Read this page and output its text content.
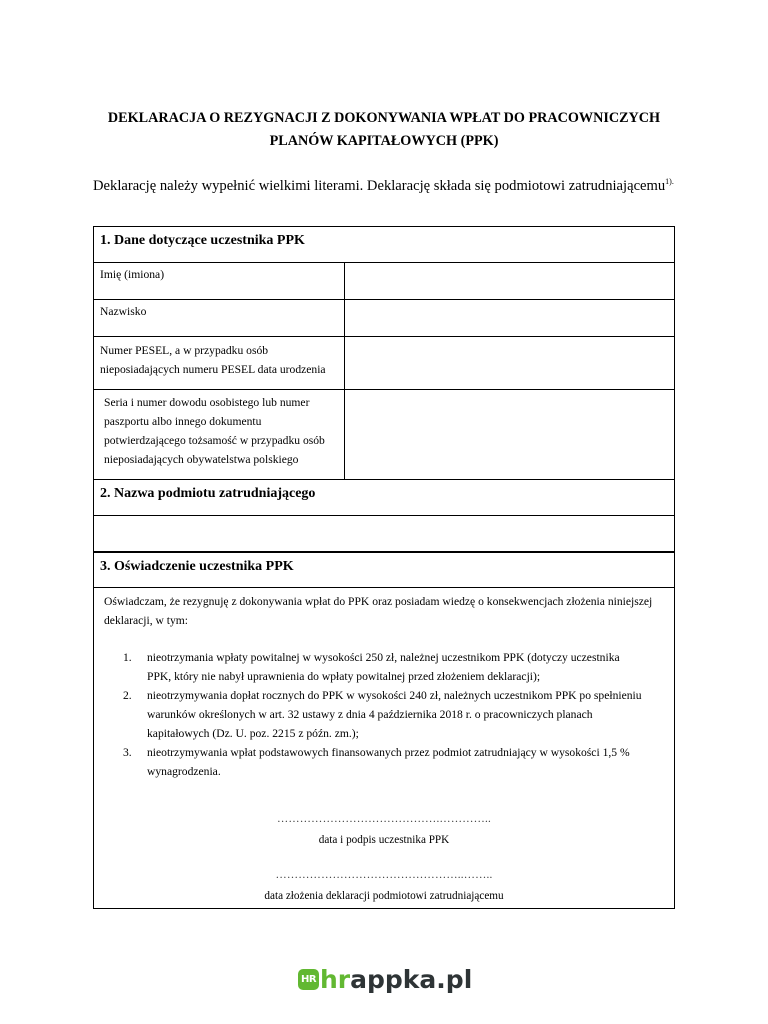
DEKLARACJA O REZYGNACJI Z DOKONYWANIA WPŁAT DO PRACOWNICZYCH PLANÓW KAPITAŁOWYCH (PPK)
Deklarację należy wypełnić wielkimi literami. Deklarację składa się podmiotowi zatrudniającemu$^{1).}$
1. Dane dotyczące uczestnika PPK
Imię (imiona)
Nazwisko
Numer PESEL, a w przypadku osób nieposiadających numeru PESEL data urodzenia
Seria i numer dowodu osobistego lub numer paszportu albo innego dokumentu potwierdzającego tożsamość w przypadku osób nieposiadających obywatelstwa polskiego
2. Nazwa podmiotu zatrudniającego
3. Oświadczenie uczestnika PPK
Oświadczam, że rezygnuję z dokonywania wpłat do PPK oraz posiadam wiedzę o konsekwencjach złożenia niniejszej deklaracji, w tym:
1.	nieotrzymania wpłaty powitalnej w wysokości 250 zł, należnej uczestnikom PPK (dotyczy uczestnika PPK, który nie nabył uprawnienia do wpłaty powitalnej przed złożeniem deklaracji);
2.	nieotrzymywania dopłat rocznych do PPK w wysokości 240 zł, należnych uczestnikom PPK po spełnieniu warunków określonych w art. 32 ustawy z dnia 4 października 2018 r. o pracowniczych planach kapitałowych (Dz. U. poz. 2215 z późn. zm.);
3.	nieotrzymywania wpłat podstawowych finansowanych przez podmiot zatrudniający w wysokości 1,5 % wynagrodzenia.
…………………………………….…………..
data i podpis uczestnika PPK
…………………………………………..……..
data złożenia deklaracji podmiotowi zatrudniającemu
HR hr appka.pl
